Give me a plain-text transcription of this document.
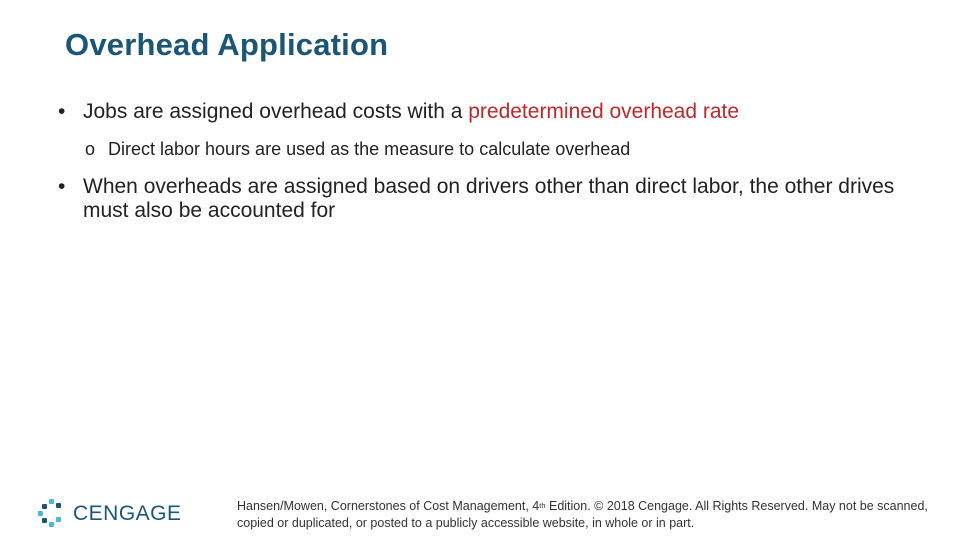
Overhead Application
• Jobs are assigned overhead costs with a predetermined overhead rate
o Direct labor hours are used as the measure to calculate overhead
• When overheads are assigned based on drivers other than direct labor, the other drives must also be accounted for
CENGAGE	Hansen/Mowen, Cornerstones of Cost Management, 4th Edition. © 2018 Cengage. All Rights Reserved. May not be scanned, copied or duplicated, or posted to a publicly accessible website, in whole or in part.
